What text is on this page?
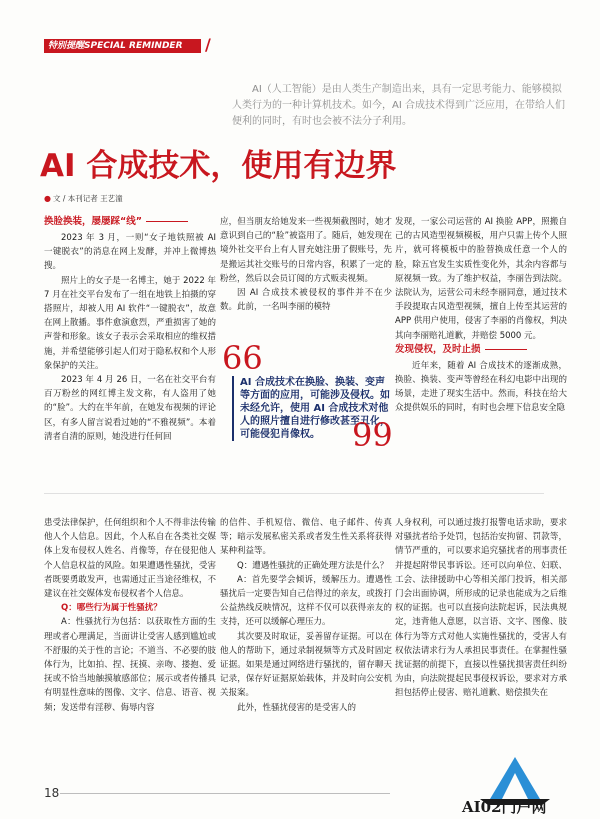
特别提醒SPECIAL REMINDER	/

AI（人工智能）是由人类生产制造出来，具有一定思考能力、能够模拟人类行为的一种计算机技术。如今，AI 合成技术得到广泛应用，在带给人们便利的同时，有时也会被不法分子利用。

AI 合成技术，使用有边界
● 文 / 本刊记者 王艺潼
换脸换装，屡屡踩“线”

2023 年 3 月，一则“女子地铁照被 AI 一键脱衣”的消息在网上发酵，并冲上微博热搜。

照片上的女子是一名博主，她于 2022 年 7 月在社交平台发布了一组在地铁上拍摄的穿搭照片，却被人用 AI 软件“一键脱衣”，故意在网上散播。事件愈演愈烈，严重损害了她的声誉和形象。该女子表示会采取相应的维权措施，并希望能够引起人们对于隐私权和个人形象保护的关注。

2023 年 4 月 26 日，一名在社交平台有百万粉丝的网红博主发文称，有人盗用了她的“脸”。大约在半年前，在她发布视频的评论区，有多人留言说看过她的“不雅视频”。本着清者自清的原则，她没进行任何回

应，但当朋友给她发来一些视频截图时，她才意识到自己的“脸”被盗用了。随后，她发现在境外社交平台上有人冒充她注册了假账号，先是搬运其社交账号的日常内容，积累了一定的粉丝，然后以会员订阅的方式贩卖视频。

因 AI 合成技术被侵权的事件并不在少数。此前，一名叫李丽的模特

66
AI 合成技术在换脸、换装、变声等方面的应用，可能涉及侵权。如未经允许，使用 AI 合成技术对他人的照片擅自进行修改甚至丑化，可能侵犯肖像权。	99

发现，一家公司运营的 AI 换脸 APP，照搬自己的古风造型视频模板，用户只需上传个人照片，就可将模板中的脸替换成任意一个人的脸，除五官发生实质性变化外，其余内容都与原视频一致。为了维护权益，李丽告到法院。法院认为，运营公司未经李丽同意，通过技术手段提取古风造型视频，擅自上传至其运营的 APP 供用户使用，侵害了李丽的肖像权，判决其向李丽赔礼道歉，并赔偿 5000 元。

发现侵权，及时止损

近年来，随着 AI 合成技术的逐渐成熟，换脸、换装、变声等曾经在科幻电影中出现的场景，走进了现实生活中。然而，科技在给大众提供娱乐的同时，有时也会埋下信息安全隐

患受法律保护，任何组织和个人不得非法传输他人个人信息。因此，个人私自在各类社交媒体上发布侵权人姓名、肖像等，存在侵犯他人个人信息权益的风险。如果遭遇性骚扰，受害者既要勇敢发声，也需通过正当途径维权，不建议在社交媒体发布侵权者个人信息。

Q：哪些行为属于性骚扰？

A：性骚扰行为包括：以获取性方面的生理或者心理满足，当面讲让受害人感到尴尬或不舒服的关于性的言论；不道当、不必要的肢体行为，比如拍、捏、抚摸、亲吻、搂抱、爱抚或不恰当地触摸敏感部位；展示或者传播具有明显性意味的图像、文字、信息、语音、视频；发送带有淫秽、侮辱内容

的信件、手机短信、微信、电子邮件、传真等；暗示发展私密关系或者发生性关系将获得某种利益等。

Q：遭遇性骚扰的正确处理方法是什么？

A：首先要学会倾诉，缓解压力。遭遇性骚扰后一定要告知自己信得过的亲友，或拨打公益热线反映情况，这样不仅可以获得亲友的支持，还可以缓解心理压力。

其次要及时取证，妥善留存证据。可以在他人的帮助下，通过录制视频等方式及时固定证据。如果是通过网络进行骚扰的，留存聊天记录，保存好证据原始载体，并及时向公安机关报案。

此外，性骚扰侵害的是受害人的

人身权利，可以通过拨打报警电话求助，要求对骚扰者给予处罚，包括治安拘留、罚款等，情节严重的，可以要求追究骚扰者的刑事责任并提起附带民事诉讼。还可以向单位、妇联、工会、法律援助中心等相关部门投诉，相关部门会出面协调，所形成的记录也能成为之后维权的证据。也可以直接向法院起诉，民法典规定，违背他人意愿，以言语、文字、图像、肢体行为等方式对他人实施性骚扰的，受害人有权依法请求行为人承担民事责任。在掌握性骚扰证据的前提下，直接以性骚扰损害责任纠纷为由，向法院提起民事侵权诉讼，要求对方承担包括停止侵害、赔礼道歉、赔偿损失在

18
AI02门户网
